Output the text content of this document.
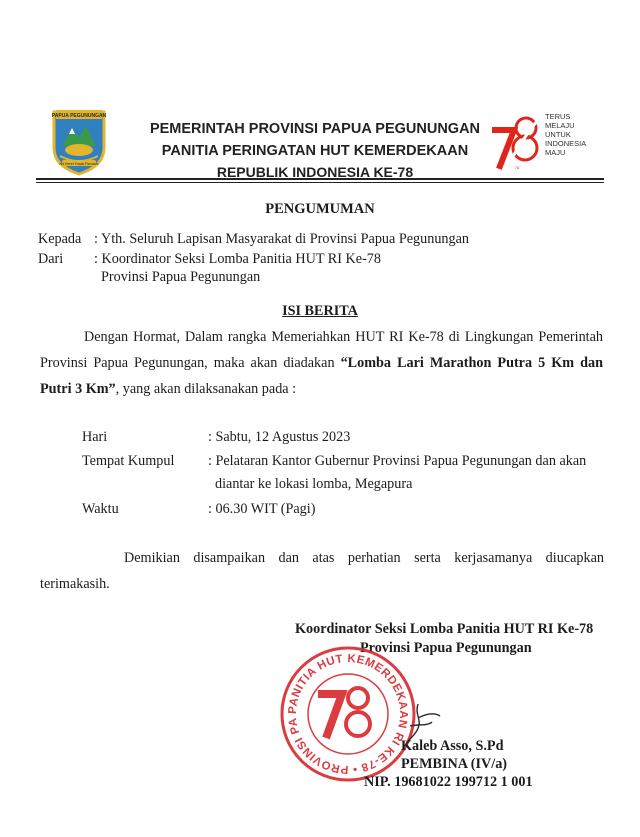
PAPUA PEGUNUNGAN
Nit Heret Yosak Renawe
PEMERINTAH PROVINSI PAPUA PEGUNUNGAN
PANITIA PERINGATAN HUT KEMERDEKAAN
REPUBLIK INDONESIA KE-78	78
TERUS
MELAJU
UNTUK
INDONESIA
MAJU
PENGUMUMAN
Kepada : Yth. Seluruh Lapisan Masyarakat di Provinsi Papua Pegunungan
Dari : Koordinator Seksi Lomba Panitia HUT RI Ke-78
Provinsi Papua Pegunungan
ISI BERITA
Dengan Hormat, Dalam rangka Memeriahkan HUT RI Ke-78 di Lingkungan Pemerintah
Provinsi Papua Pegunungan, maka akan diadakan “Lomba Lari Marathon Putra 5 Km dan
Putri 3 Km”, yang akan dilaksanakan pada :
Hari	: Sabtu, 12 Agustus 2023
Tempat Kumpul : Pelataran Kantor Gubernur Provinsi Papua Pegunungan dan akan
diantar ke lokasi lomba, Megapura
Waktu	: 06.30 WIT (Pagi)
Demikian disampaikan dan atas perhatian serta kerjasamanya diucapkan
terimakasih.
Koordinator Seksi Lomba Panitia HUT RI Ke-78
Provinsi Papua Pegunungan
PANITIA HUT KEMERDEKAAN RI KE-78 • PROVINSI PA
Kaleb Asso, S.Pd
PEMBINA (IV/a)
NIP. 19681022 199712 1 001
